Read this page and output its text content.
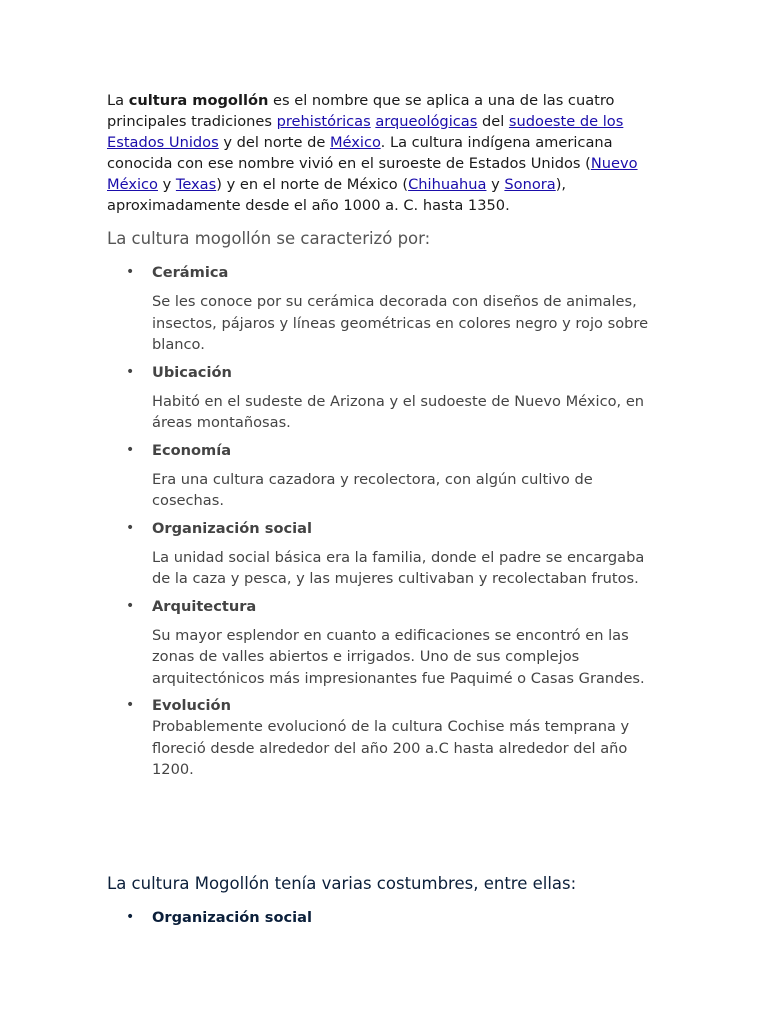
La cultura mogollón es el nombre que se aplica a una de las cuatro principales tradiciones prehistóricas arqueológicas del sudoeste de los Estados Unidos y del norte de México. La cultura indígena americana conocida con ese nombre vivió en el suroeste de Estados Unidos (Nuevo México y Texas) y en el norte de México (Chihuahua y Sonora), aproximadamente desde el año 1000 a. C. hasta 1350.

La cultura mogollón se caracterizó por:
• Cerámica
Se les conoce por su cerámica decorada con diseños de animales, insectos, pájaros y líneas geométricas en colores negro y rojo sobre blanco.
• Ubicación
Habitó en el sudeste de Arizona y el sudoeste de Nuevo México, en áreas montañosas.
• Economía
Era una cultura cazadora y recolectora, con algún cultivo de cosechas.
• Organización social
La unidad social básica era la familia, donde el padre se encargaba de la caza y pesca, y las mujeres cultivaban y recolectaban frutos.
• Arquitectura
Su mayor esplendor en cuanto a edificaciones se encontró en las zonas de valles abiertos e irrigados. Uno de sus complejos arquitectónicos más impresionantes fue Paquimé o Casas Grandes.
• Evolución
Probablemente evolucionó de la cultura Cochise más temprana y floreció desde alrededor del año 200 a.C hasta alrededor del año 1200.
La cultura Mogollón tenía varias costumbres, entre ellas:
•	Organización social
